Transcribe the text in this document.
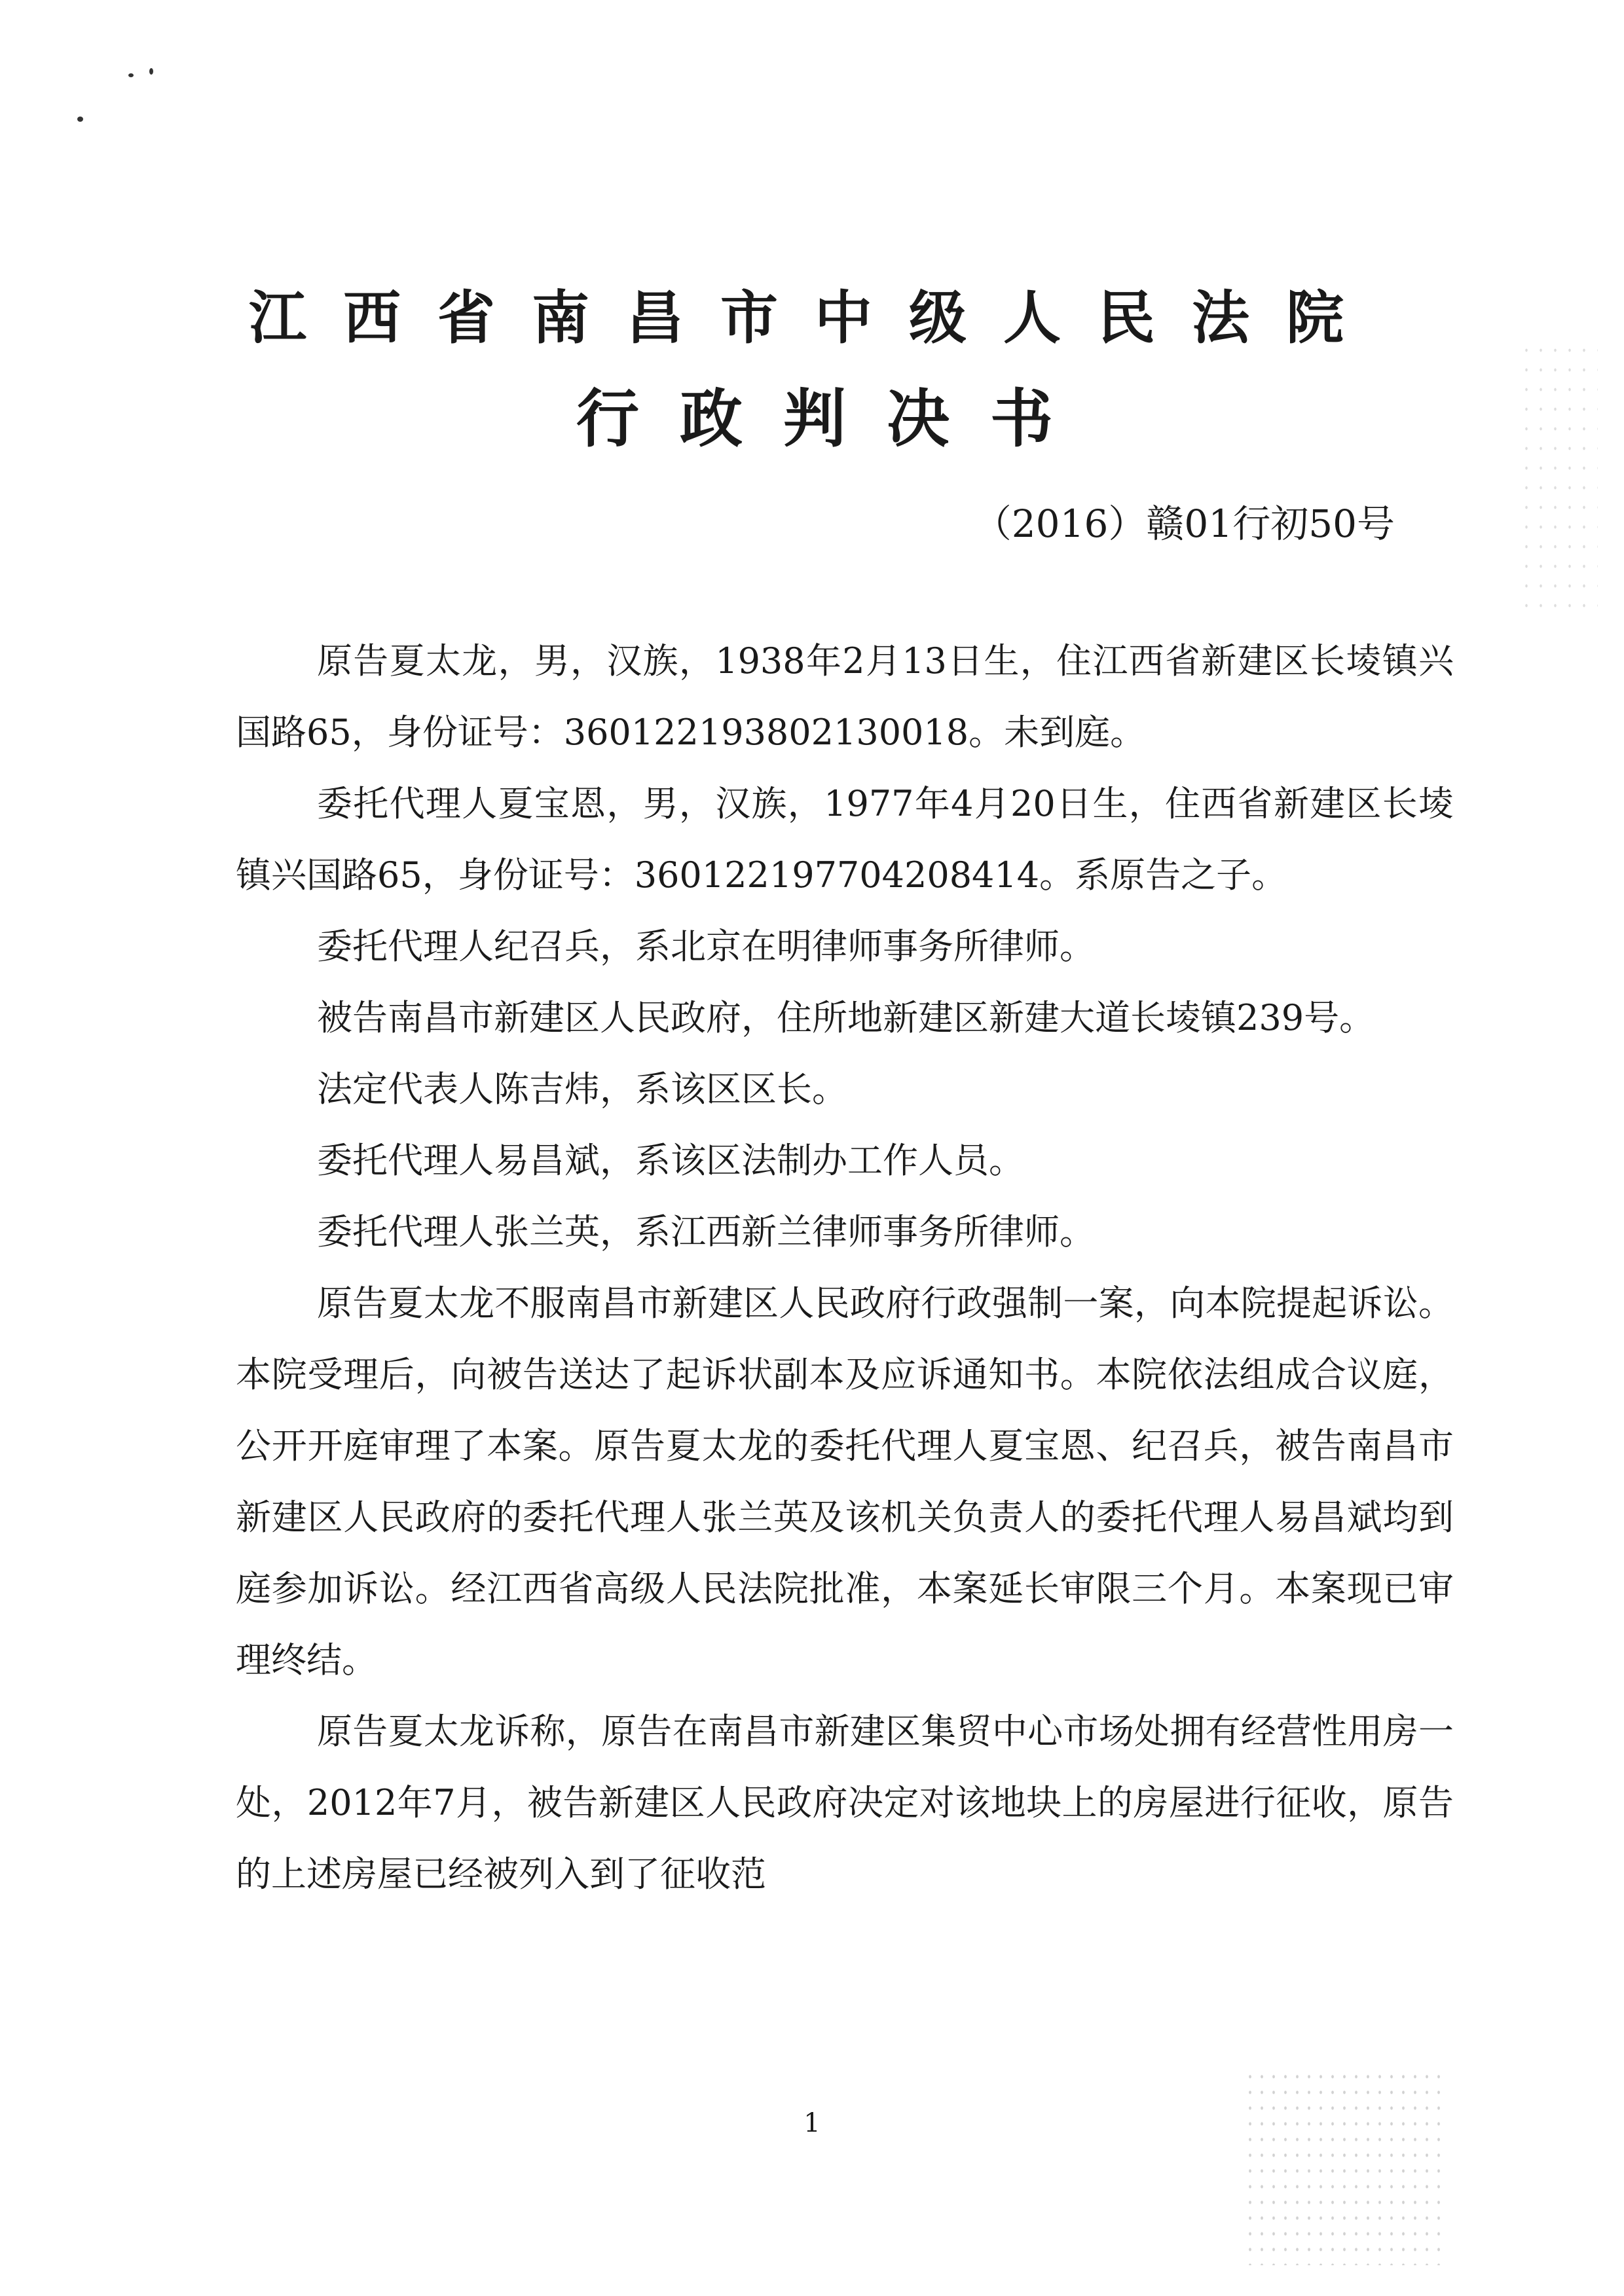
江西省南昌市中级人民法院
行政判决书
（2016）赣01行初50号

原告夏太龙，男，汉族，1938年2月13日生，住江西省新建区长堎镇兴国路65，身份证号：360122193802130018。未到庭。

委托代理人夏宝恩，男，汉族，1977年4月20日生，住西省新建区长堎镇兴国路65，身份证号：360122197704208414。系原告之子。

委托代理人纪召兵，系北京在明律师事务所律师。

被告南昌市新建区人民政府，住所地新建区新建大道长堎镇239号。

法定代表人陈吉炜，系该区区长。

委托代理人易昌斌，系该区法制办工作人员。

委托代理人张兰英，系江西新兰律师事务所律师。

原告夏太龙不服南昌市新建区人民政府行政强制一案，向本院提起诉讼。本院受理后，向被告送达了起诉状副本及应诉通知书。本院依法组成合议庭，公开开庭审理了本案。原告夏太龙的委托代理人夏宝恩、纪召兵，被告南昌市新建区人民政府的委托代理人张兰英及该机关负责人的委托代理人易昌斌均到庭参加诉讼。经江西省高级人民法院批准，本案延长审限三个月。本案现已审理终结。

原告夏太龙诉称，原告在南昌市新建区集贸中心市场处拥有经营性用房一处，2012年7月，被告新建区人民政府决定对该地块上的房屋进行征收，原告的上述房屋已经被列入到了征收范

1
